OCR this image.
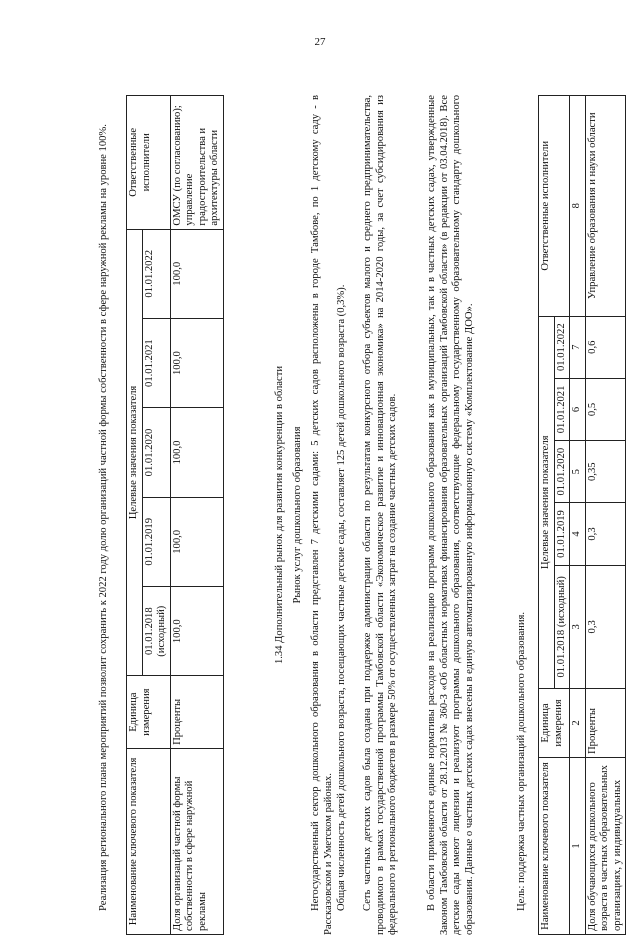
27

Реализация регионального плана мероприятий позволит сохранить к 2022 году долю организаций частной формы собственности в сфере наружной рекламы на уровне 100%. Наименование ключевого показателя	Единица измерения	Целевые значения показателя					Ответственные исполнители
		01.01.2018 (исходный)	01.01.2019	01.01.2020	01.01.2021	01.01.2022	
Доля организаций частной формы собственности в сфере наружной рекламы	Проценты	100,0	100,0	100,0	100,0	100,0	ОМСУ (по согласованию); управление градостроительства и архитектуры области
1.34 Дополнительный рынок для развития конкуренции в области Рынок услуг дошкольного образования Негосударственный сектор дошкольного образования в области представлен 7 детскими садами: 5 детских садов расположены в городе Тамбове, по 1 детскому саду - в Рассказовском и Уметском районах. Общая численность детей дошкольного возраста, посещающих частные детские сады, составляет 125 детей дошкольного возраста (0,3%). Сеть частных детских садов была создана при поддержке администрации области по результатам конкурсного отбора субъектов малого и среднего предпринимательства, проводимого в рамках государственной программы Тамбовской области «Экономическое развитие и инновационная экономика» на 2014-2020 годы, за счет субсидирования из федерального и регионального бюджетов в размере 50% от осуществленных затрат на создание частных детских садов.	В области применяются единые нормативы расходов на реализацию программ дошкольного образования как в муниципальных, так и в частных детских садах, утвержденные Законом Тамбовской области от 28.12.2013 № 360-З «Об областных нормативах финансирования образовательных организаций Тамбовской области» (в редакции от 03.04.2018). Все детские сады имеют лицензии и реализуют программы дошкольного образования, соответствующие федеральному государственному образовательному стандарту дошкольного образования. Данные о частных детских садах внесены в единую автоматизированную информационную систему «Комплектование ДОО».	Цель: поддержка частных организаций дошкольного образования. Наименование ключевого показателя	Единица измерения	Целевые значения показателя					Ответственные исполнители
		01.01.2018 (исходный)	01.01.2019	01.01.2020	01.01.2021	01.01.2022	
1	2	3	4	5	6	7	8
Доля обучающихся дошкольного возраста в частных образовательных организациях, у индивидуальных	Проценты	0,3	0,3	0,35	0,5	0,6	Управление образования и науки области
